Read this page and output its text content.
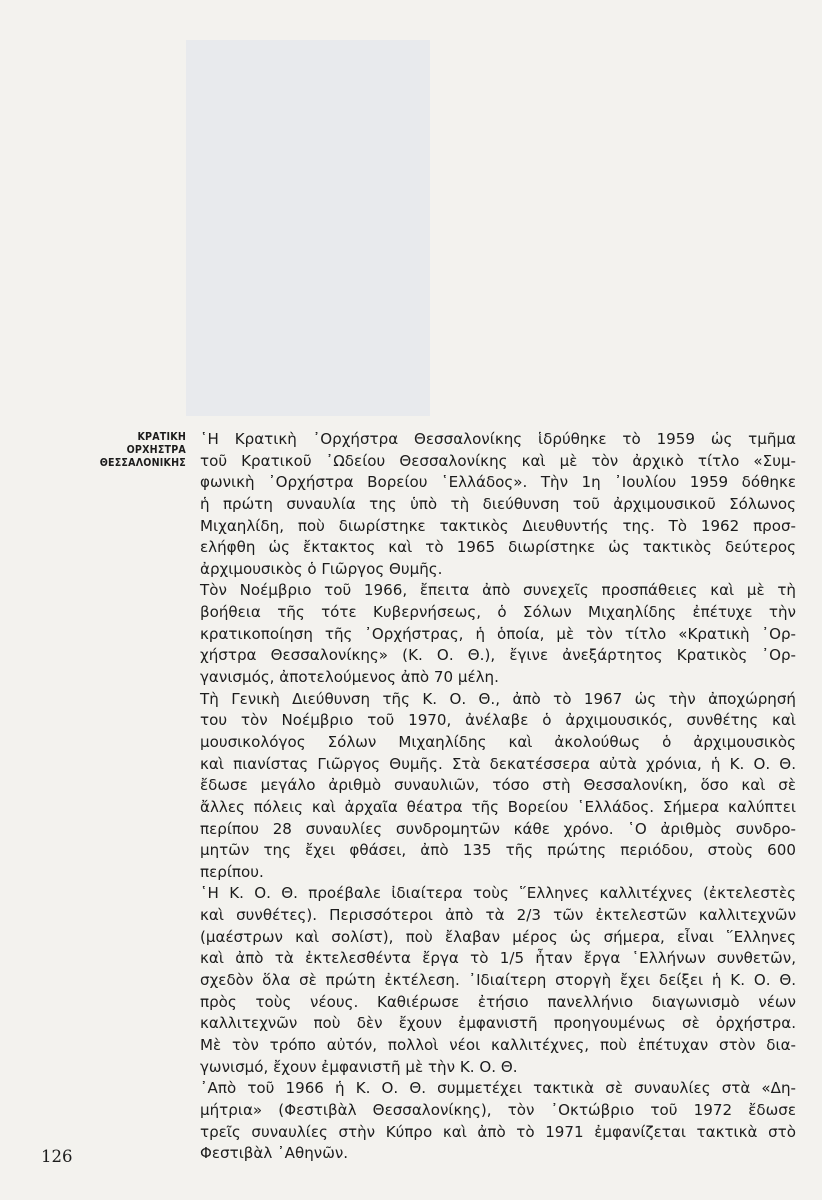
ΚΡΑΤΙΚΗ
ΟΡΧΗΣΤΡΑ
ΘΕΣΣΑΛΟΝΙΚΗΣ
῾Η Κρατικὴ ᾿Ορχήστρα Θεσσαλονίκης ἱδρύθηκε τὸ 1959 ὡς τμῆμα
τοῦ Κρατικοῦ ᾿Ωδείου Θεσσαλονίκης καὶ μὲ τὸν ἀρχικὸ τίτλο «Συμ-
φωνικὴ ᾿Ορχήστρα Βορείου ῾Ελλάδος». Τὴν 1η ᾿Ιουλίου 1959 δόθηκε
ἡ πρώτη συναυλία της ὑπὸ τὴ διεύθυνση τοῦ ἀρχιμουσικοῦ Σόλωνος
Μιχαηλίδη, ποὺ διωρίστηκε τακτικὸς Διευθυντής της. Τὸ 1962 προσ-
ελήφθη ὡς ἔκτακτος καὶ τὸ 1965 διωρίστηκε ὡς τακτικὸς δεύτερος
ἀρχιμουσικὸς ὁ Γιῶργος Θυμῆς.
Τὸν Νοέμβριο τοῦ 1966, ἔπειτα ἀπὸ συνεχεῖς προσπάθειες καὶ μὲ τὴ
βοήθεια τῆς τότε Κυβερνήσεως, ὁ Σόλων Μιχαηλίδης ἐπέτυχε τὴν
κρατικοποίηση τῆς ᾿Ορχήστρας, ἡ ὁποία, μὲ τὸν τίτλο «Κρατικὴ ᾿Ορ-
χήστρα Θεσσαλονίκης» (Κ. Ο. Θ.), ἔγινε ἀνεξάρτητος Κρατικὸς ᾿Ορ-
γανισμός, ἀποτελούμενος ἀπὸ 70 μέλη.
Τὴ Γενικὴ Διεύθυνση τῆς Κ. Ο. Θ., ἀπὸ τὸ 1967 ὡς τὴν ἀποχώρησή
του τὸν Νοέμβριο τοῦ 1970, ἀνέλαβε ὁ ἀρχιμουσικός, συνθέτης καὶ
μουσικολόγος Σόλων Μιχαηλίδης καὶ ἀκολούθως ὁ ἀρχιμουσικὸς
καὶ πιανίστας Γιῶργος Θυμῆς. Στὰ δεκατέσσερα αὐτὰ χρόνια, ἡ Κ. Ο. Θ.
ἔδωσε μεγάλο ἀριθμὸ συναυλιῶν, τόσο στὴ Θεσσαλονίκη, ὅσο καὶ σὲ
ἄλλες πόλεις καὶ ἀρχαῖα θέατρα τῆς Βορείου ῾Ελλάδος. Σήμερα καλύπτει
περίπου 28 συναυλίες συνδρομητῶν κάθε χρόνο. ῾Ο ἀριθμὸς συνδρο-
μητῶν της ἔχει φθάσει, ἀπὸ 135 τῆς πρώτης περιόδου, στοὺς 600
περίπου.
῾Η Κ. Ο. Θ. προέβαλε ἰδιαίτερα τοὺς ῞Ελληνες καλλιτέχνες (ἐκτελεστὲς
καὶ συνθέτες). Περισσότεροι ἀπὸ τὰ 2/3 τῶν ἐκτελεστῶν καλλιτεχνῶν
(μαέστρων καὶ σολίστ), ποὺ ἔλαβαν μέρος ὡς σήμερα, εἶναι ῞Ελληνες
καὶ ἀπὸ τὰ ἐκτελεσθέντα ἔργα τὸ 1/5 ἦταν ἔργα ῾Ελλήνων συνθετῶν,
σχεδὸν ὅλα σὲ πρώτη ἐκτέλεση. ᾿Ιδιαίτερη στοργὴ ἔχει δείξει ἡ Κ. Ο. Θ.
πρὸς τοὺς νέους. Καθιέρωσε ἐτήσιο πανελλήνιο διαγωνισμὸ νέων
καλλιτεχνῶν ποὺ δὲν ἔχουν ἐμφανιστῆ προηγουμένως σὲ ὀρχήστρα.
Μὲ τὸν τρόπο αὐτόν, πολλοὶ νέοι καλλιτέχνες, ποὺ ἐπέτυχαν στὸν δια-
γωνισμό, ἔχουν ἐμφανιστῆ μὲ τὴν Κ. Ο. Θ.
᾿Απὸ τοῦ 1966 ἡ Κ. Ο. Θ. συμμετέχει τακτικὰ σὲ συναυλίες στὰ «Δη-
μήτρια» (Φεστιβὰλ Θεσσαλονίκης), τὸν ᾿Οκτώβριο τοῦ 1972 ἔδωσε
τρεῖς συναυλίες στὴν Κύπρο καὶ ἀπὸ τὸ 1971 ἐμφανίζεται τακτικὰ στὸ
Φεστιβὰλ ᾿Αθηνῶν.
126
